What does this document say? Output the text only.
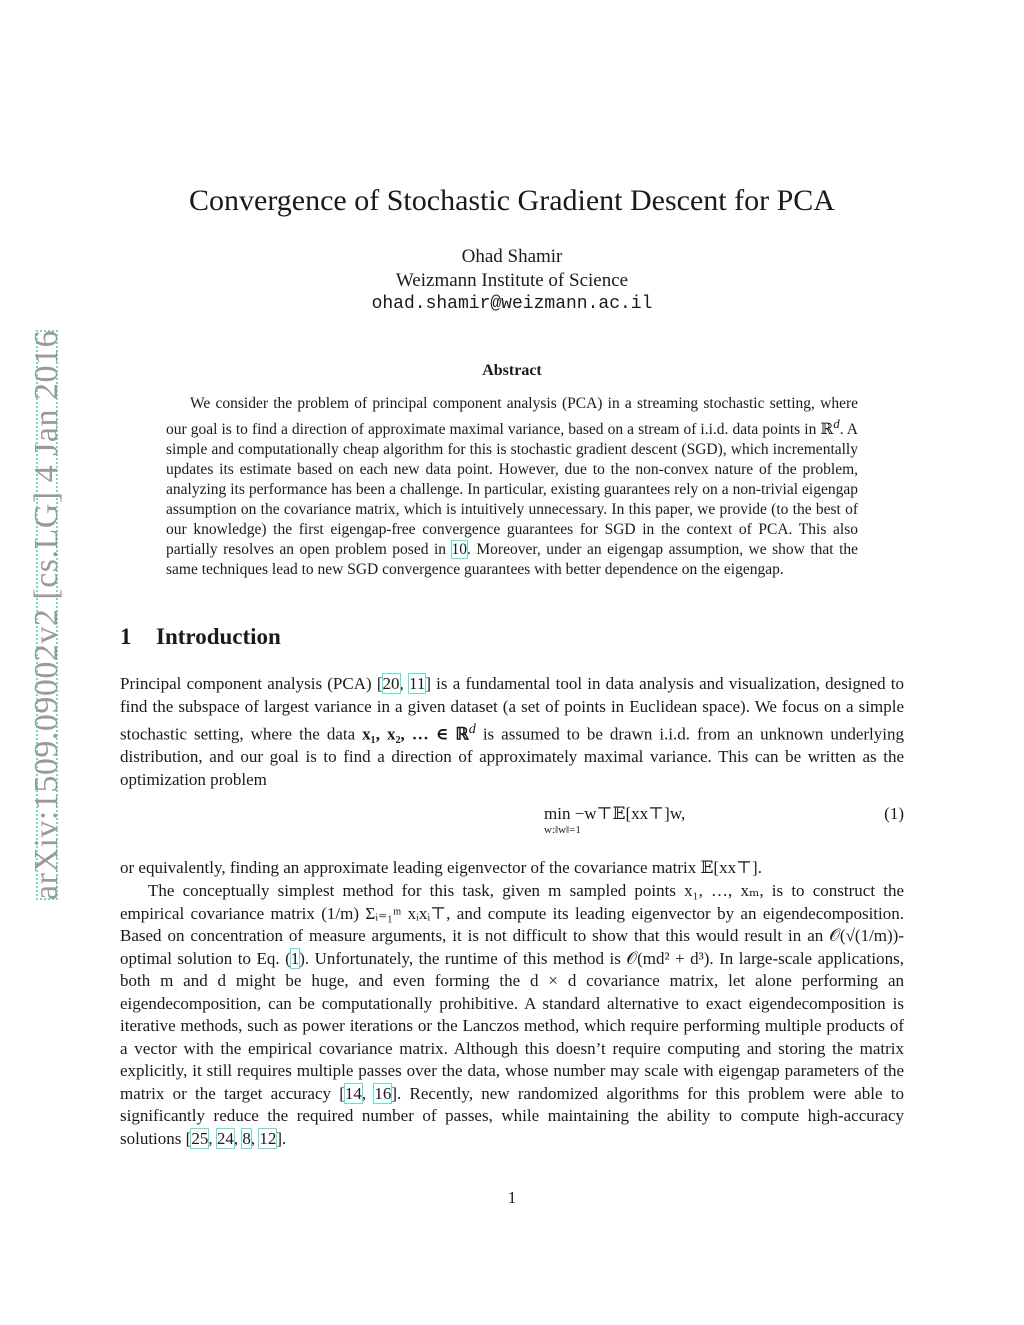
arXiv:1509.09002v2 [cs.LG] 4 Jan 2016
Convergence of Stochastic Gradient Descent for PCA
Ohad Shamir
Weizmann Institute of Science
ohad.shamir@weizmann.ac.il
Abstract

We consider the problem of principal component analysis (PCA) in a streaming stochastic setting, where our goal is to find a direction of approximate maximal variance, based on a stream of i.i.d. data points in ℝ$^d$. A simple and computationally cheap algorithm for this is stochastic gradient descent (SGD), which incrementally updates its estimate based on each new data point. However, due to the non-convex nature of the problem, analyzing its performance has been a challenge. In particular, existing guarantees rely on a non-trivial eigengap assumption on the covariance matrix, which is intuitively unnecessary. In this paper, we provide (to the best of our knowledge) the first eigengap-free convergence guarantees for SGD in the context of PCA. This also partially resolves an open problem posed in 10. Moreover, under an eigengap assumption, we show that the same techniques lead to new SGD convergence guarantees with better dependence on the eigengap.

1 Introduction

Principal component analysis (PCA) [20, 11] is a fundamental tool in data analysis and visualization, designed to find the subspace of largest variance in a given dataset (a set of points in Euclidean space). We focus on a simple stochastic setting, where the data x₁, x₂, … ∈ ℝ$^d$ is assumed to be drawn i.i.d. from an unknown underlying distribution, and our goal is to find a direction of approximately maximal variance. This can be written as the optimization problem

min −w⊤𝔼[xx⊤]w,
w:‖w‖=1
(1)

or equivalently, finding an approximate leading eigenvector of the covariance matrix 𝔼[xx⊤].

The conceptually simplest method for this task, given m sampled points x₁, …, xₘ, is to construct the empirical covariance matrix (1/m) Σᵢ₌₁ᵐ xᵢxᵢ⊤, and compute its leading eigenvector by an eigendecomposition. Based on concentration of measure arguments, it is not difficult to show that this would result in an 𝒪(√(1/m))-optimal solution to Eq. (1). Unfortunately, the runtime of this method is 𝒪(md² + d³). In large-scale applications, both m and d might be huge, and even forming the d × d covariance matrix, let alone performing an eigendecomposition, can be computationally prohibitive. A standard alternative to exact eigendecomposition is iterative methods, such as power iterations or the Lanczos method, which require performing multiple products of a vector with the empirical covariance matrix. Although this doesn’t require computing and storing the matrix explicitly, it still requires multiple passes over the data, whose number may scale with eigengap parameters of the matrix or the target accuracy [14, 16]. Recently, new randomized algorithms for this problem were able to significantly reduce the required number of passes, while maintaining the ability to compute high-accuracy solutions [25, 24, 8, 12].

1
